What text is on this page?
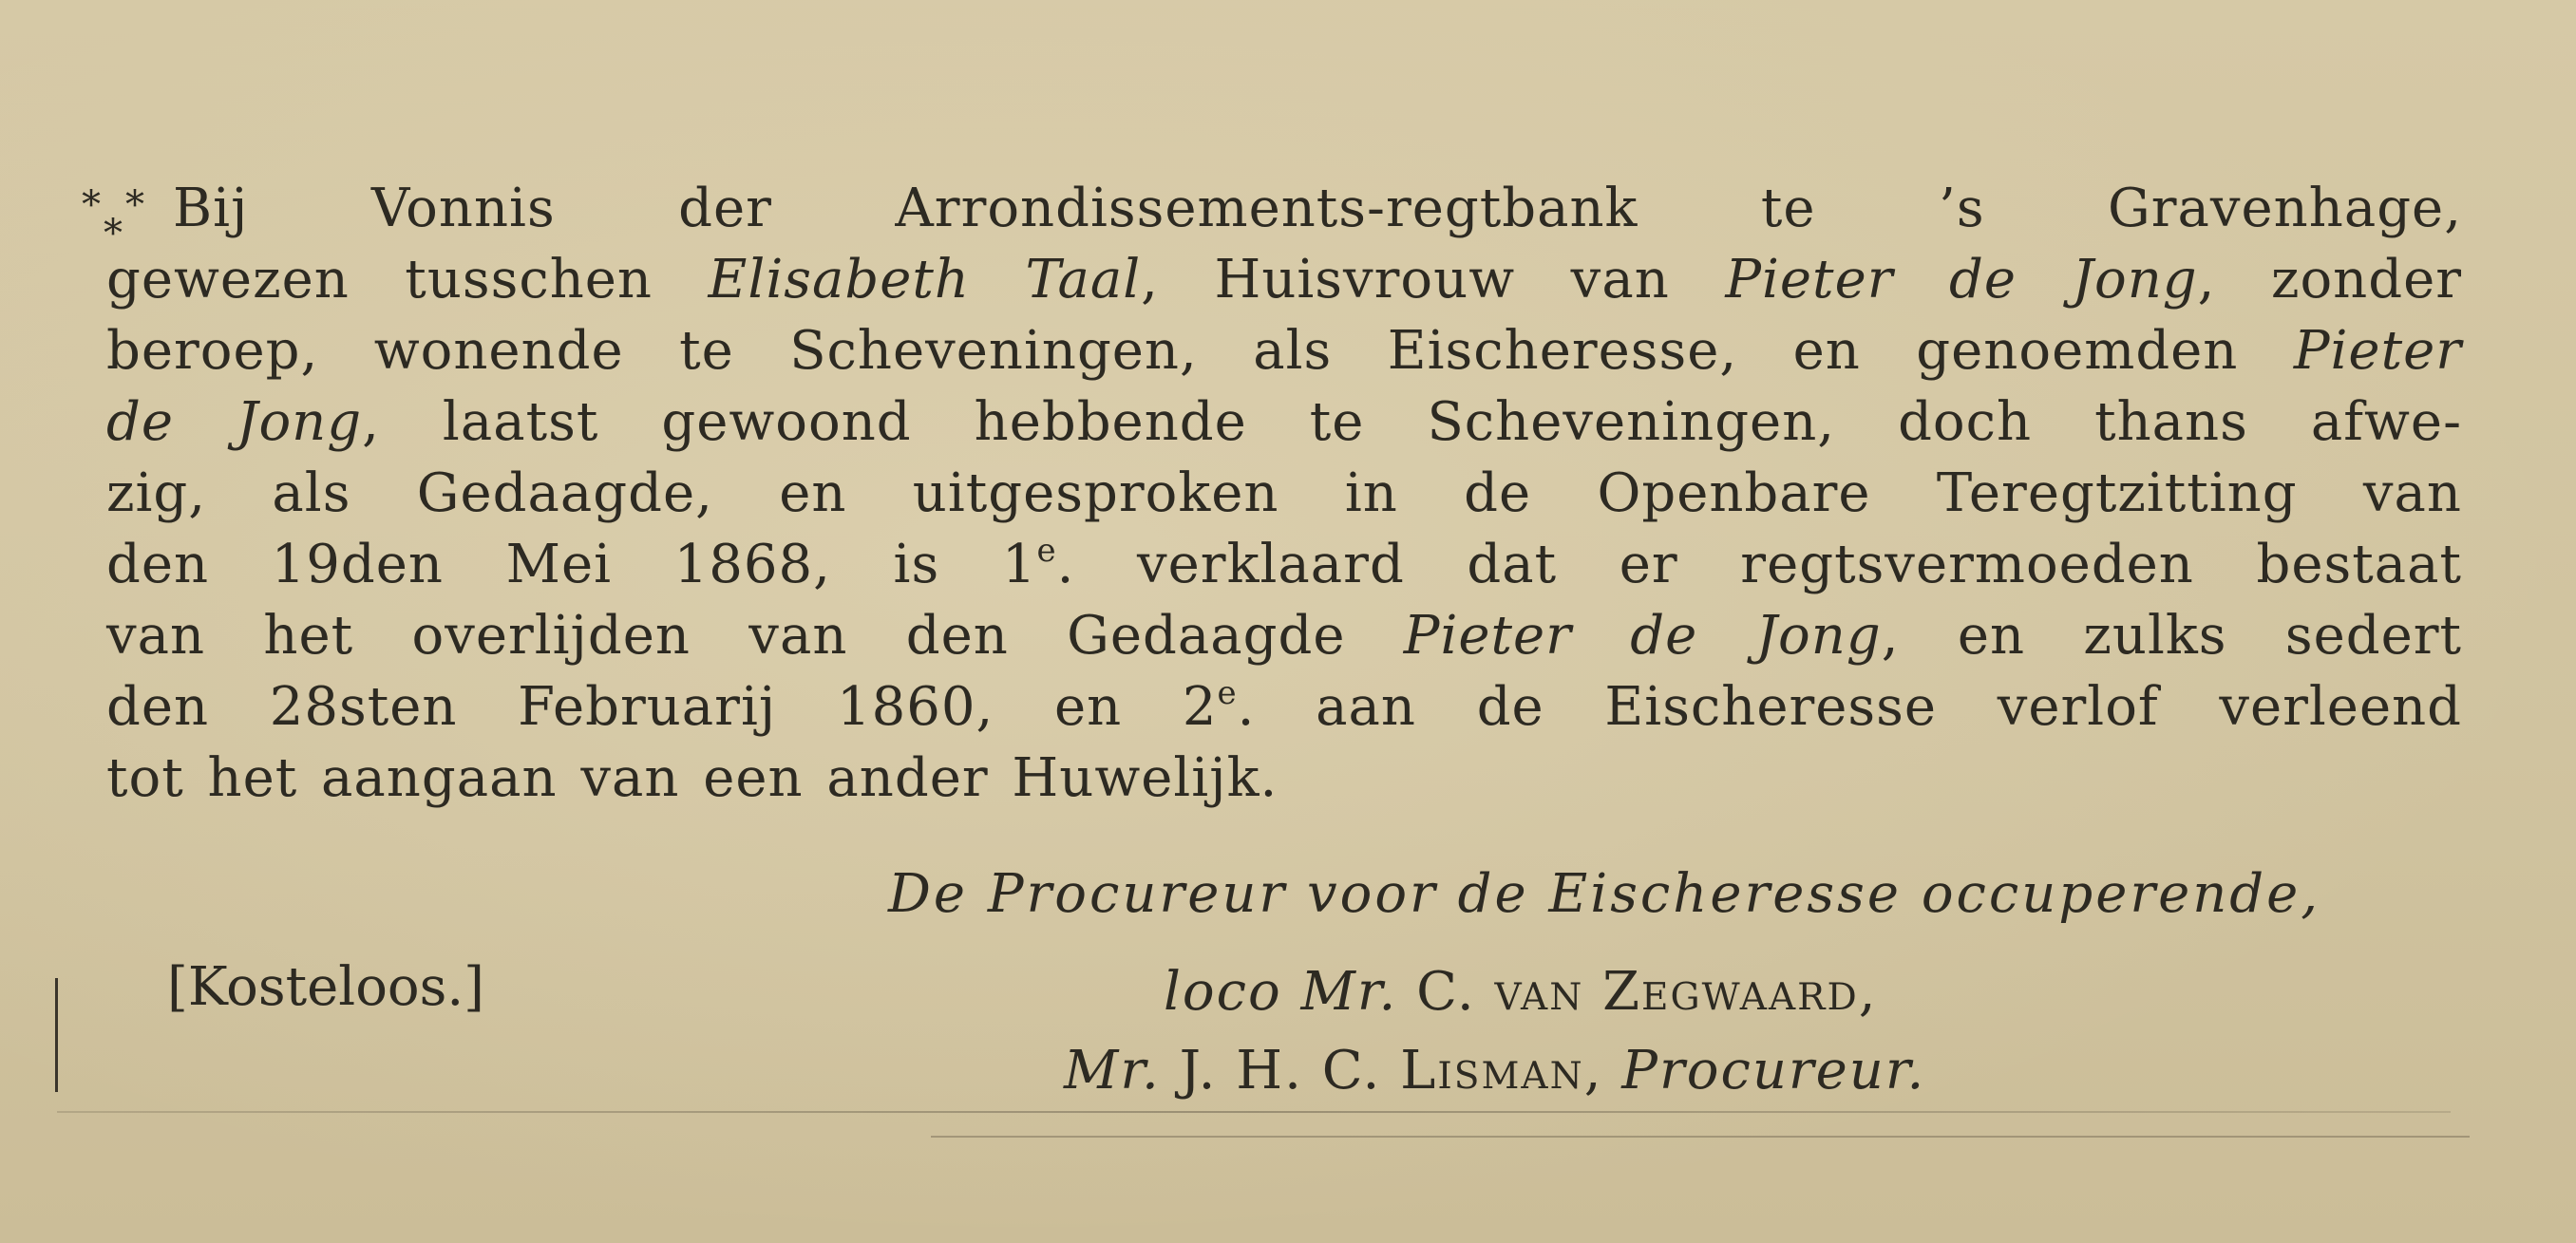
* *
* Bij Vonnis der Arrondissements-regtbank te ’s Gravenhage,
gewezen tusschen Elisabeth Taal, Huisvrouw van Pieter de Jong, zonder
beroep, wonende te Scheveningen, als Eischeresse, en genoemden Pieter
de Jong, laatst gewoond hebbende te Scheveningen, doch thans afwe-
zig, als Gedaagde, en uitgesproken in de Openbare Teregtzitting van
den 19den Mei 1868, is 1e. verklaard dat er regtsvermoeden bestaat
van het overlijden van den Gedaagde Pieter de Jong, en zulks sedert
den 28sten Februarij 1860, en 2e. aan de Eischeresse verlof verleend
tot het aangaan van een ander Huwelijk.
De Procureur voor de Eischeresse occuperende,
loco Mr. C. van Zegwaard,
Mr. J. H. C. Lisman, Procureur.
[Kosteloos.]
